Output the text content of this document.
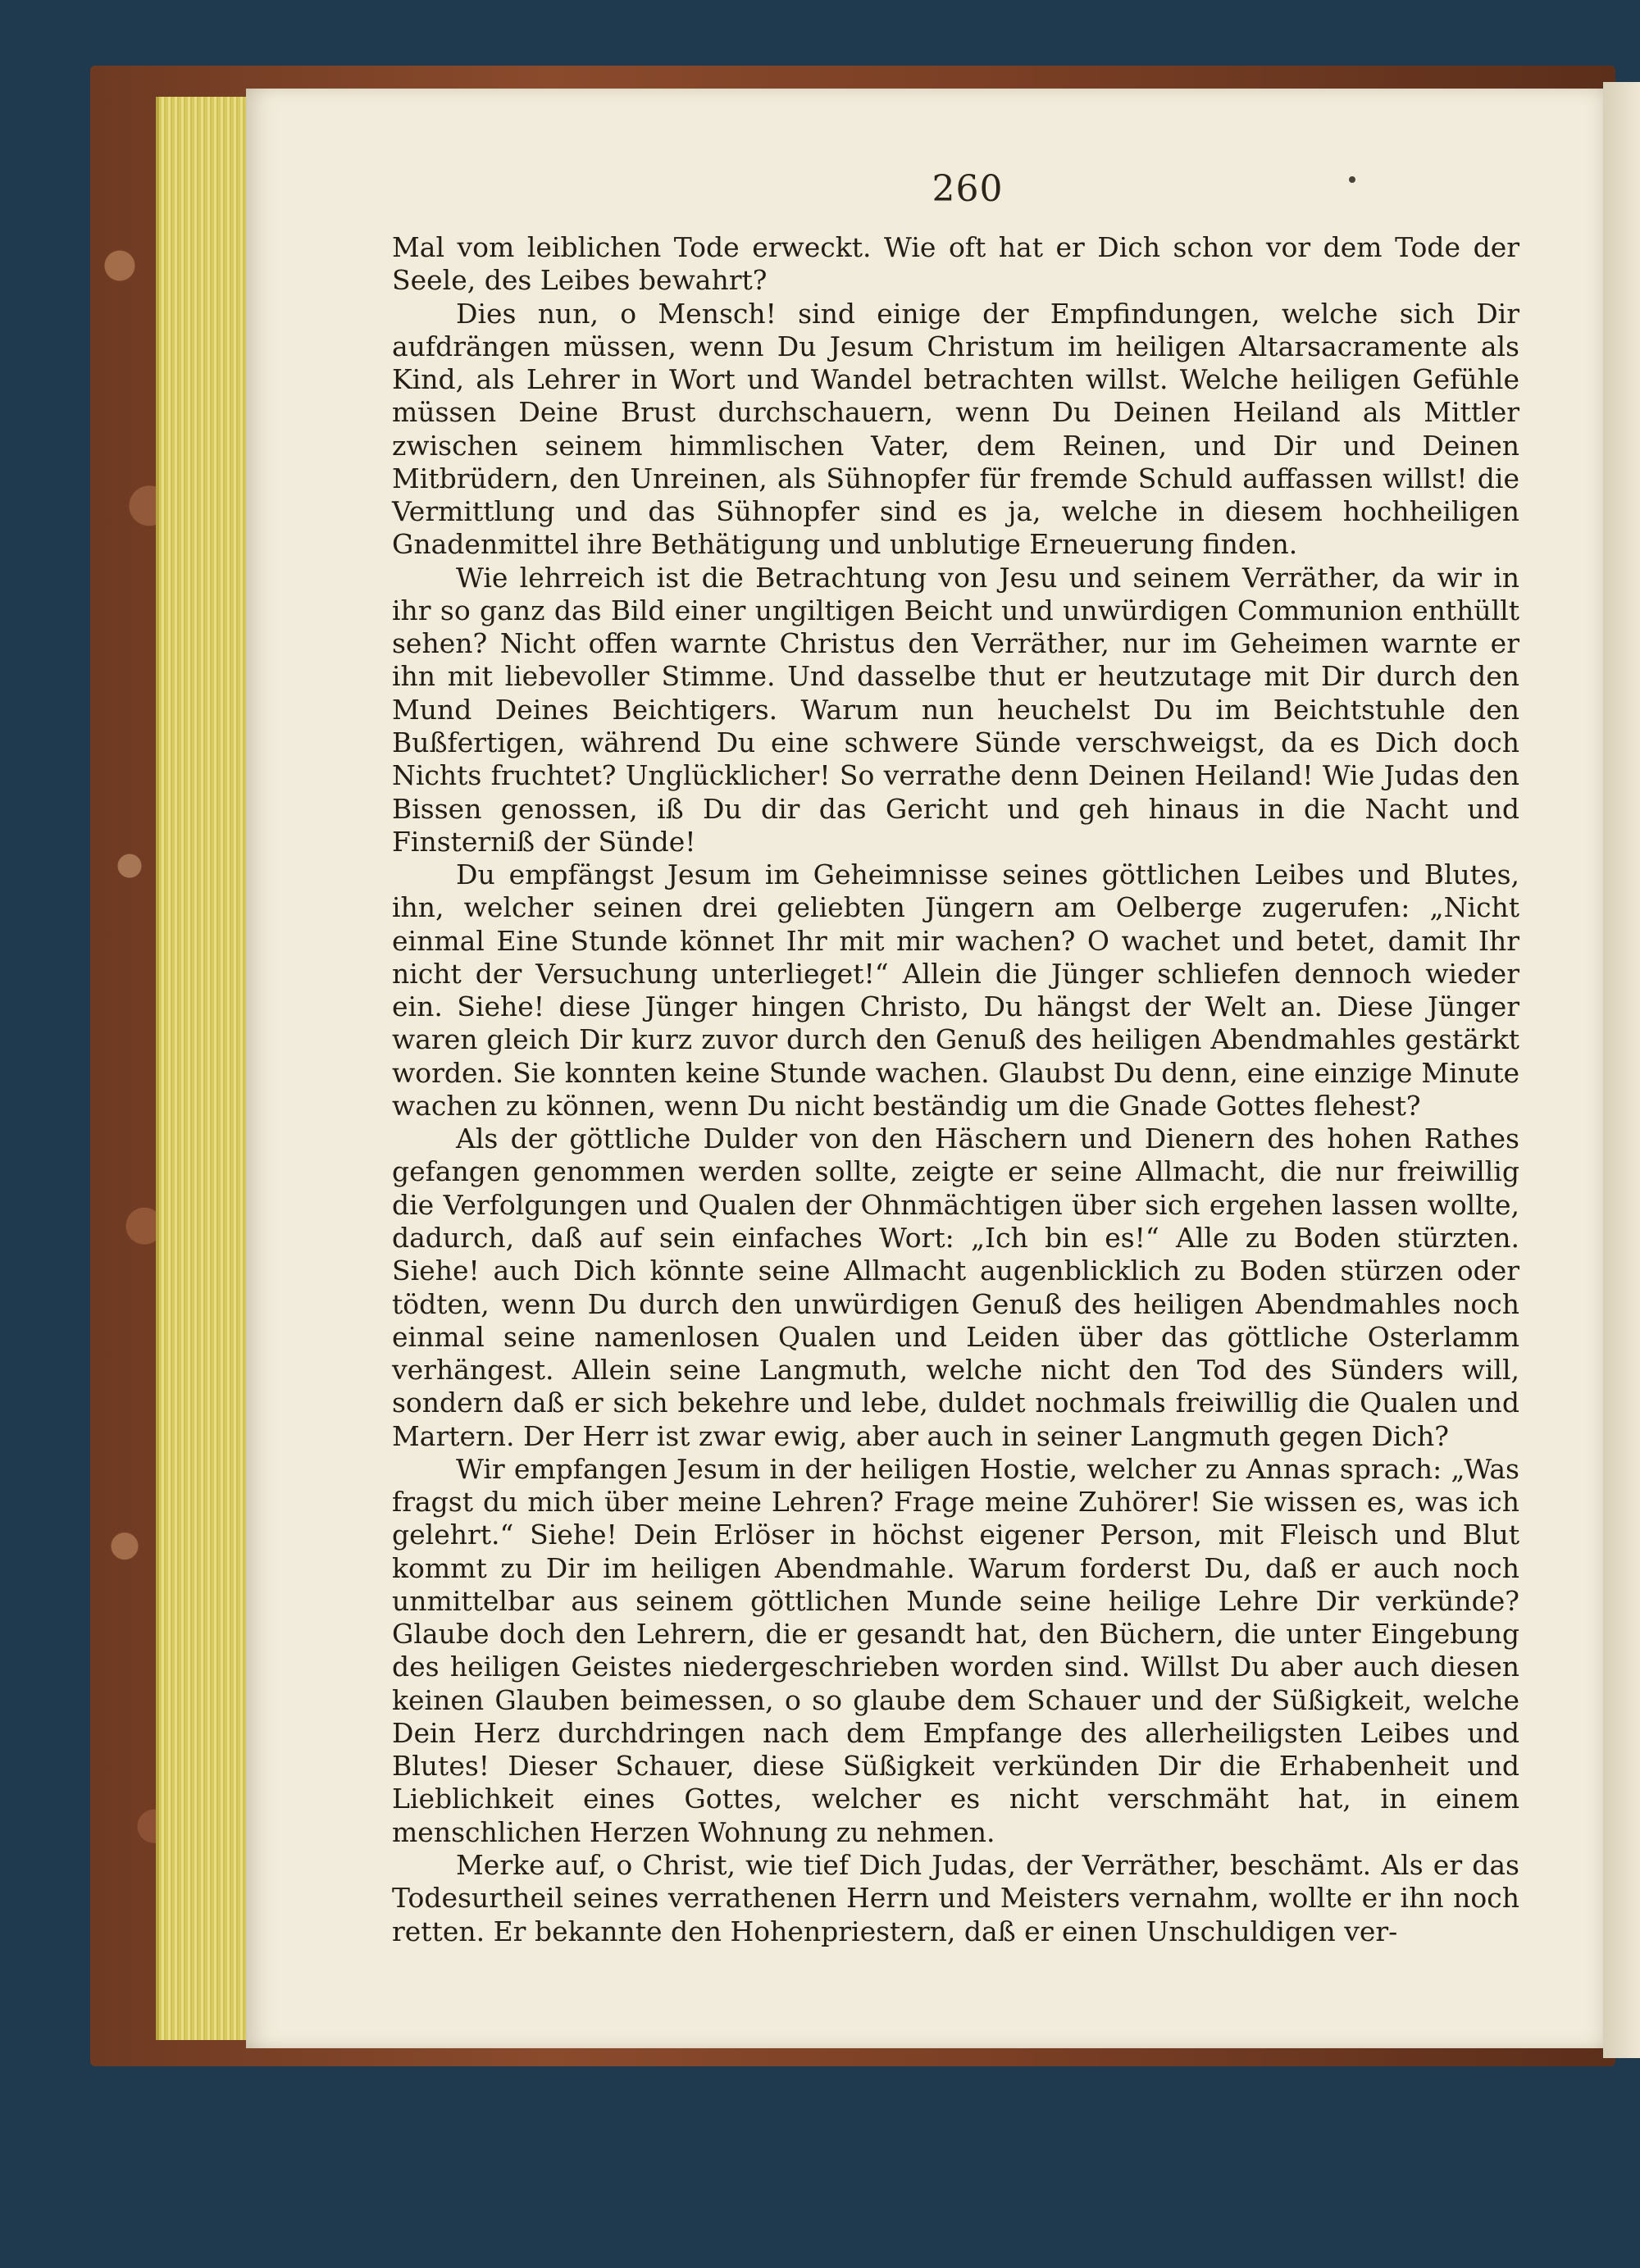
260

Mal vom leiblichen Tode erweckt. Wie oft hat er Dich schon vor dem Tode der Seele, des Leibes bewahrt?

Dies nun, o Mensch! sind einige der Empfindungen, welche sich Dir aufdrängen müssen, wenn Du Jesum Christum im heiligen Altarsacramente als Kind, als Lehrer in Wort und Wandel betrachten willst. Welche heiligen Gefühle müssen Deine Brust durchschauern, wenn Du Deinen Heiland als Mittler zwischen seinem himmlischen Vater, dem Reinen, und Dir und Deinen Mitbrüdern, den Unreinen, als Sühnopfer für fremde Schuld auffassen willst! die Vermittlung und das Sühnopfer sind es ja, welche in diesem hochheiligen Gnadenmittel ihre Bethätigung und unblutige Erneuerung finden.

Wie lehrreich ist die Betrachtung von Jesu und seinem Verräther, da wir in ihr so ganz das Bild einer ungiltigen Beicht und unwürdigen Communion enthüllt sehen? Nicht offen warnte Christus den Verräther, nur im Geheimen warnte er ihn mit liebevoller Stimme. Und dasselbe thut er heutzutage mit Dir durch den Mund Deines Beichtigers. Warum nun heuchelst Du im Beichtstuhle den Bußfertigen, während Du eine schwere Sünde verschweigst, da es Dich doch Nichts fruchtet? Unglücklicher! So verrathe denn Deinen Heiland! Wie Judas den Bissen genossen, iß Du dir das Gericht und geh hinaus in die Nacht und Finsterniß der Sünde!

Du empfängst Jesum im Geheimnisse seines göttlichen Leibes und Blutes, ihn, welcher seinen drei geliebten Jüngern am Oelberge zugerufen: „Nicht einmal Eine Stunde könnet Ihr mit mir wachen? O wachet und betet, damit Ihr nicht der Versuchung unterlieget!“ Allein die Jünger schliefen dennoch wieder ein. Siehe! diese Jünger hingen Christo, Du hängst der Welt an. Diese Jünger waren gleich Dir kurz zuvor durch den Genuß des heiligen Abendmahles gestärkt worden. Sie konnten keine Stunde wachen. Glaubst Du denn, eine einzige Minute wachen zu können, wenn Du nicht beständig um die Gnade Gottes flehest?

Als der göttliche Dulder von den Häschern und Dienern des hohen Rathes gefangen genommen werden sollte, zeigte er seine Allmacht, die nur freiwillig die Verfolgungen und Qualen der Ohnmächtigen über sich ergehen lassen wollte, dadurch, daß auf sein einfaches Wort: „Ich bin es!“ Alle zu Boden stürzten. Siehe! auch Dich könnte seine Allmacht augenblicklich zu Boden stürzen oder tödten, wenn Du durch den unwürdigen Genuß des heiligen Abendmahles noch einmal seine namenlosen Qualen und Leiden über das göttliche Osterlamm verhängest. Allein seine Langmuth, welche nicht den Tod des Sünders will, sondern daß er sich bekehre und lebe, duldet nochmals freiwillig die Qualen und Martern. Der Herr ist zwar ewig, aber auch in seiner Langmuth gegen Dich?

Wir empfangen Jesum in der heiligen Hostie, welcher zu Annas sprach: „Was fragst du mich über meine Lehren? Frage meine Zuhörer! Sie wissen es, was ich gelehrt.“ Siehe! Dein Erlöser in höchst eigener Person, mit Fleisch und Blut kommt zu Dir im heiligen Abendmahle. Warum forderst Du, daß er auch noch unmittelbar aus seinem göttlichen Munde seine heilige Lehre Dir verkünde? Glaube doch den Lehrern, die er gesandt hat, den Büchern, die unter Eingebung des heiligen Geistes niedergeschrieben worden sind. Willst Du aber auch diesen keinen Glauben beimessen, o so glaube dem Schauer und der Süßigkeit, welche Dein Herz durchdringen nach dem Empfange des allerheiligsten Leibes und Blutes! Dieser Schauer, diese Süßigkeit verkünden Dir die Erhabenheit und Lieblichkeit eines Gottes, welcher es nicht verschmäht hat, in einem menschlichen Herzen Wohnung zu nehmen.

Merke auf, o Christ, wie tief Dich Judas, der Verräther, beschämt. Als er das Todesurtheil seines verrathenen Herrn und Meisters vernahm, wollte er ihn noch retten. Er bekannte den Hohenpriestern, daß er einen Unschuldigen ver-
